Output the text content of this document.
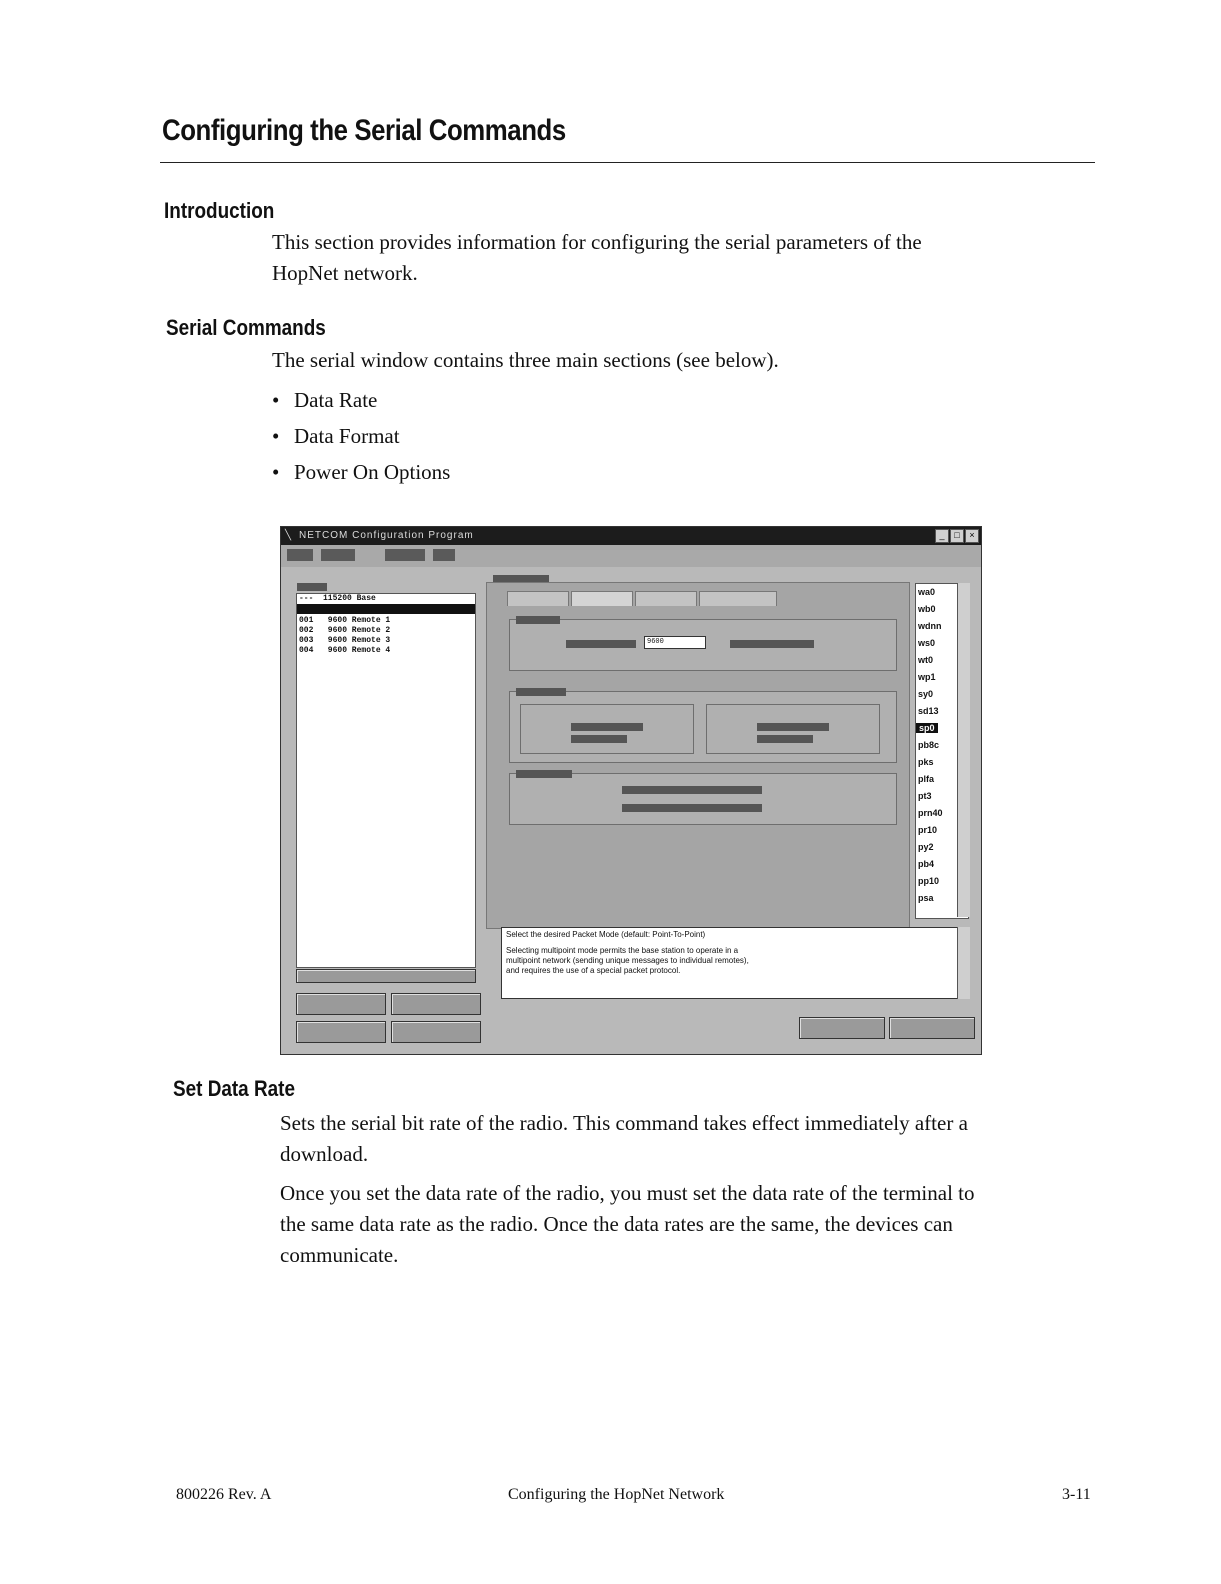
Configuring the Serial Commands
Introduction
This section provides information for configuring the serial parameters of the
HopNet network.
Serial Commands
The serial window contains three main sections (see below).
• Data Rate
• Data Format
• Power On Options
╲ NETCOM Configuration Program	_	□	×
---  115200 Base
001   9600 Remote 1
002   9600 Remote 2
003   9600 Remote 3
004   9600 Remote 4
9600
wa0
wb0
wdnn
ws0
wt0
wp1
sy0
sd13
sp0
pb8c
pks
plfa
pt3
prn40
pr10
py2
pb4
pp10
psa
Select the desired Packet Mode (default: Point-To-Point)
Selecting multipoint mode permits the base station to operate in a
multipoint network (sending unique messages to individual remotes),
and requires the use of a special packet protocol.
Set Data Rate
Sets the serial bit rate of the radio. This command takes effect immediately after a
download.
Once you set the data rate of the radio, you must set the data rate of the terminal to
the same data rate as the radio. Once the data rates are the same, the devices can
communicate.
800226 Rev. A	Configuring the HopNet Network	3-11
